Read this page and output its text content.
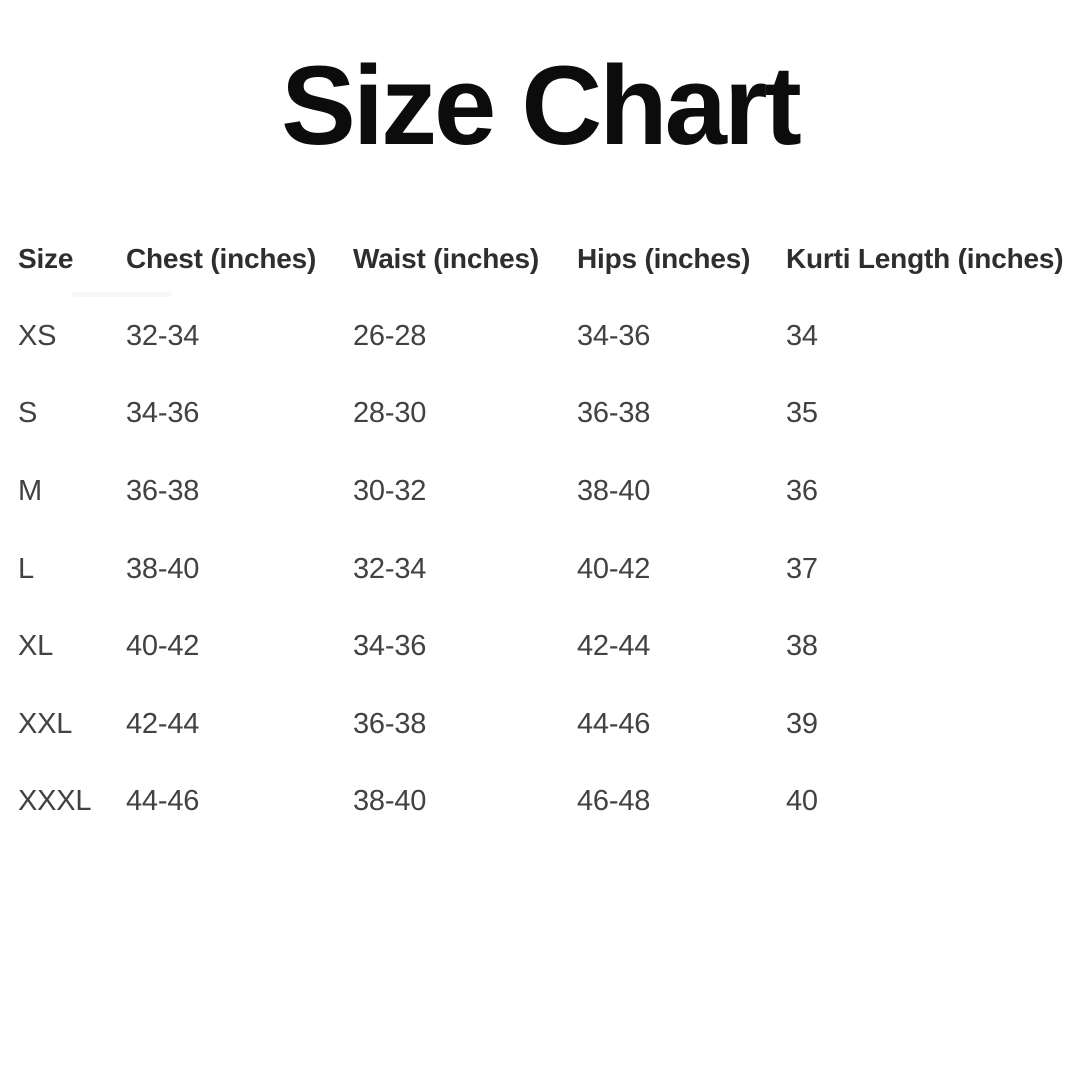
Size Chart
Size	Chest (inches)	Waist (inches)	Hips (inches)	Kurti Length (inches)
XS	32-34	26-28	34-36	34
S	34-36	28-30	36-38	35
M	36-38	30-32	38-40	36
L	38-40	32-34	40-42	37
XL	40-42	34-36	42-44	38
XXL	42-44	36-38	44-46	39
XXXL	44-46	38-40	46-48	40
